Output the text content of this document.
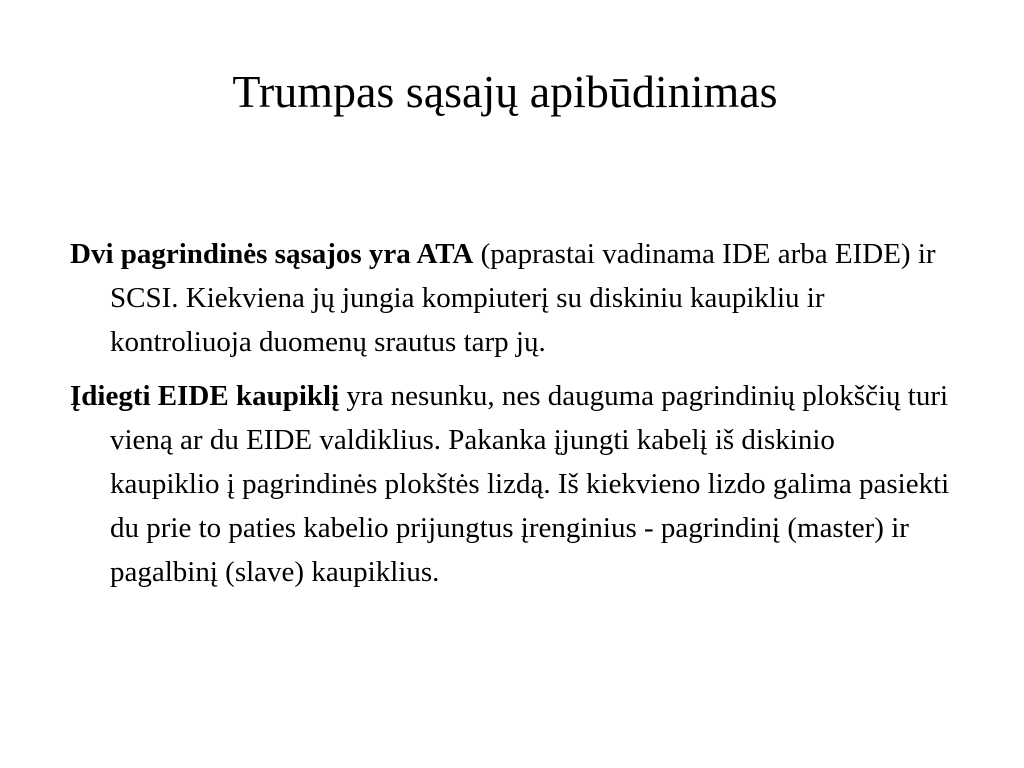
Trumpas sąsajų apibūdinimas

Dvi pagrindinės sąsajos yra ATA (paprastai vadinama IDE arba EIDE) ir SCSI. Kiekviena jų jungia kompiuterį su diskiniu kaupikliu ir kontroliuoja duomenų srautus tarp jų.

Įdiegti EIDE kaupiklį yra nesunku, nes dauguma pagrindinių plokščių turi vieną ar du EIDE valdiklius. Pakanka įjungti kabelį iš diskinio kaupiklio į pagrindinės plokštės lizdą. Iš kiekvieno lizdo galima pasiekti du prie to paties kabelio prijungtus įrenginius - pagrindinį (master) ir pagalbinį (slave) kaupiklius.
